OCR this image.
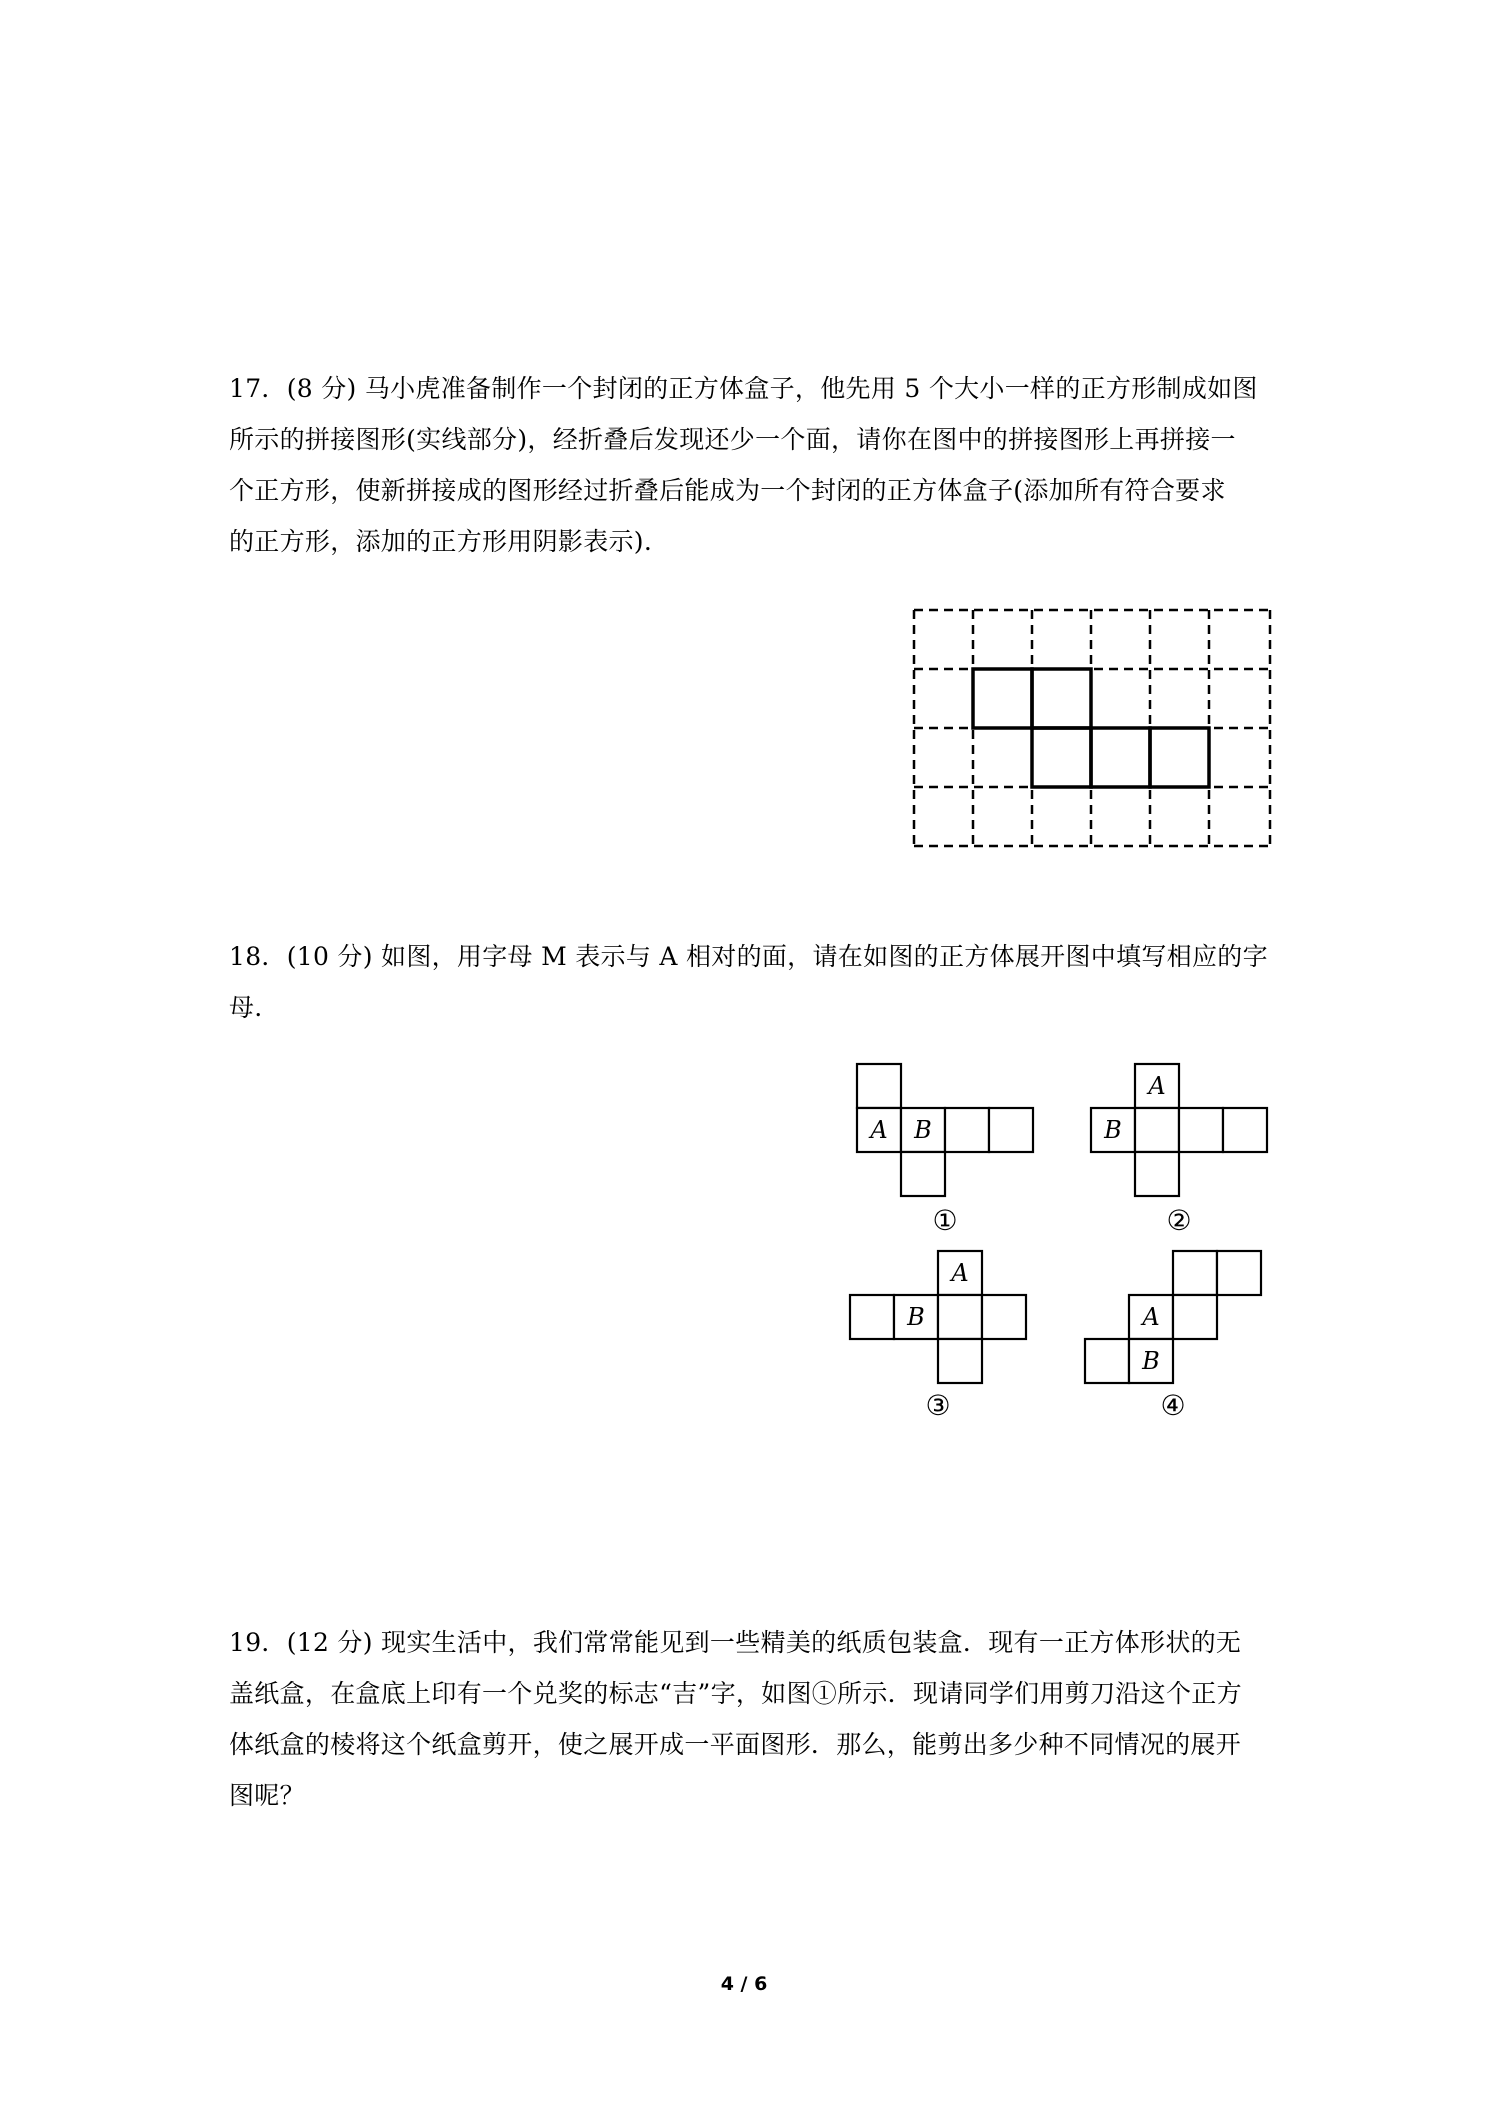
17．(8 分) 马小虎准备制作一个封闭的正方体盒子，他先用 5 个大小一样的正方形制成如图
所示的拼接图形(实线部分)，经折叠后发现还少一个面，请你在图中的拼接图形上再拼接一
个正方形，使新拼接成的图形经过折叠后能成为一个封闭的正方体盒子(添加所有符合要求
的正方形，添加的正方形用阴影表示).
18．(10 分) 如图，用字母 M 表示与 A 相对的面，请在如图的正方体展开图中填写相应的字
母.
A B
①
A
B
②
A
B
③
A
B
④
19．(12 分) 现实生活中，我们常常能见到一些精美的纸质包装盒．现有一正方体形状的无
盖纸盒，在盒底上印有一个兑奖的标志“吉”字，如图①所示．现请同学们用剪刀沿这个正方
体纸盒的棱将这个纸盒剪开，使之展开成一平面图形．那么，能剪出多少种不同情况的展开
图呢？
4 / 6
